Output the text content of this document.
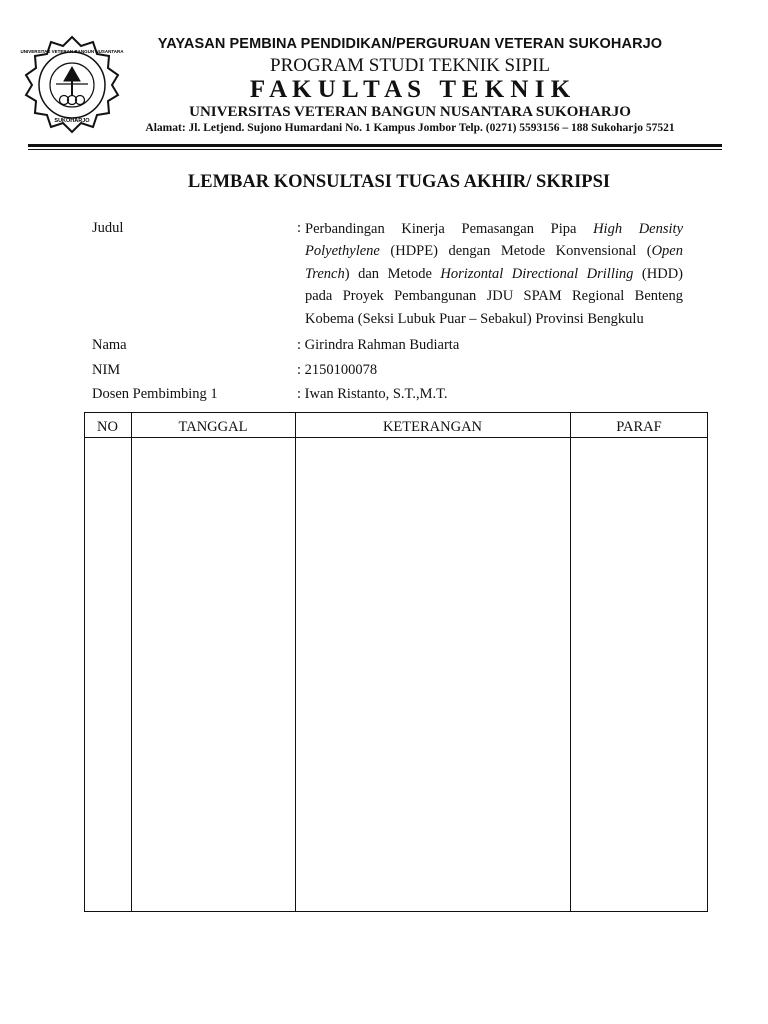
UNIVERSITAS VETERAN BANGUN NUSANTARA
SUKOHARJO
YAYASAN PEMBINA PENDIDIKAN/PERGURUAN VETERAN SUKOHARJO
PROGRAM STUDI TEKNIK SIPIL
F A K U L T A S   T E K N I K
UNIVERSITAS VETERAN BANGUN NUSANTARA SUKOHARJO
Alamat: Jl. Letjend. Sujono Humardani No. 1 Kampus Jombor Telp. (0271) 5593156 – 188 Sukoharjo 57521
LEMBAR KONSULTASI TUGAS AKHIR/ SKRIPSI
Judul	: Perbandingan Kinerja Pemasangan Pipa High Density Polyethylene (HDPE) dengan Metode Konvensional (Open Trench) dan Metode Horizontal Directional Drilling (HDD) pada Proyek Pembangunan JDU SPAM Regional Benteng Kobema (Seksi Lubuk Puar – Sebakul) Provinsi Bengkulu
Nama	: Girindra Rahman Budiarta
NIM	: 2150100078
Dosen Pembimbing 1	: Iwan Ristanto, S.T.,M.T.
NO	TANGGAL	KETERANGAN	PARAF
